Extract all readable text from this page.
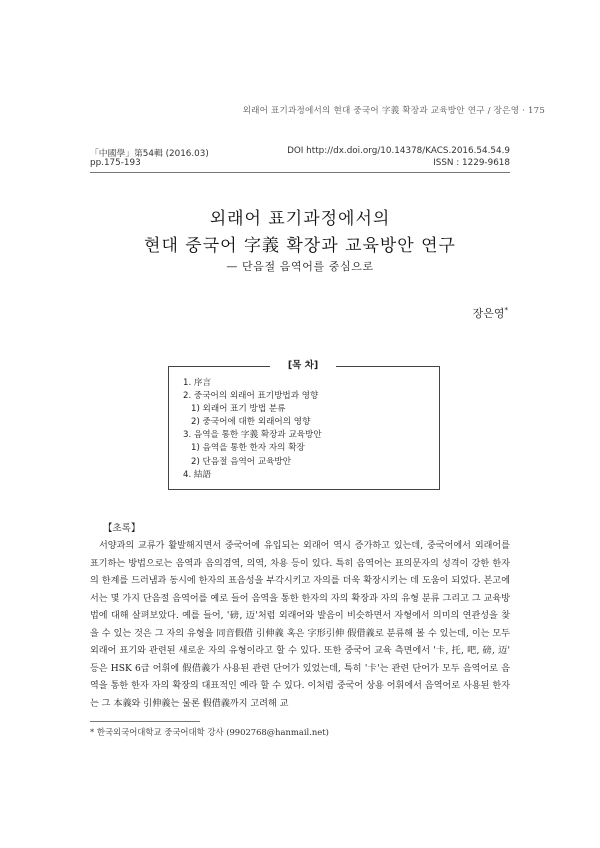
외래어 표기과정에서의 현대 중국어 字義 확장과 교육방안 연구 / 장은영 · 175
「中國學」第54輯 (2016.03)
pp.175-193
DOI http://dx.doi.org/10.14378/KACS.2016.54.54.9
ISSN : 1229-9618
외래어 표기과정에서의
현대 중국어 字義 확장과 교육방안 연구
— 단음절 음역어를 중심으로
장은영*
[목 차]
1. 序言
2. 중국어의 외래어 표기방법과 영향
1) 외래어 표기 방법 분류
2) 중국어에 대한 외래어의 영향
3. 음역을 통한 字義 확장과 교육방안
1) 음역을 통한 한자 자의 확장
2) 단음절 음역어 교육방안
4. 結語
【초록】
서양과의 교류가 활발해지면서 중국어에 유입되는 외래어 역시 증가하고 있는데, 중국어에서 외래어를 표기하는 방법으로는 음역과 음의겸역, 의역, 차용 등이 있다. 특히 음역어는 표의문자의 성격이 강한 한자의 한계를 드러냄과 동시에 한자의 표음성을 부각시키고 자의를 더욱 확장시키는 데 도움이 되었다. 본고에서는 몇 가지 단음절 음역어를 예로 들어 음역을 통한 한자의 자의 확장과 자의 유형 분류 그리고 그 교육방법에 대해 살펴보았다. 예를 들어, '磅, 迈'처럼 외래어와 발음이 비슷하면서 자형에서 의미의 연관성을 찾을 수 있는 것은 그 자의 유형을 同音假借 引伸義 혹은 字形引伸 假借義로 분류해 볼 수 있는데, 이는 모두 외래어 표기와 관련된 새로운 자의 유형이라고 할 수 있다. 또한 중국어 교육 측면에서 '卡, 托, 吧, 磅, 迈' 등은 HSK 6급 어휘에 假借義가 사용된 관련 단어가 있었는데, 특히 '卡'는 관련 단어가 모두 음역어로 음역을 통한 한자 자의 확장의 대표적인 예라 할 수 있다. 이처럼 중국어 상용 어휘에서 음역어로 사용된 한자는 그 本義와 引伸義는 물론 假借義까지 고려해 교
* 한국외국어대학교 중국어대학 강사 (9902768@hanmail.net)
